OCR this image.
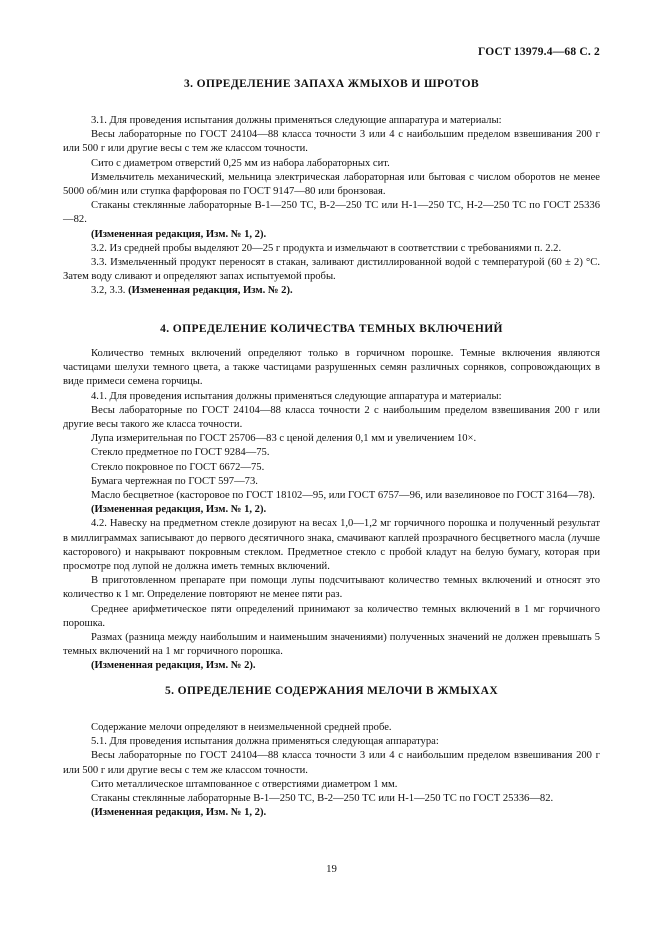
ГОСТ 13979.4—68 С. 2
3. ОПРЕДЕЛЕНИЕ ЗАПАХА ЖМЫХОВ И ШРОТОВ

3.1. Для проведения испытания должны применяться следующие аппаратура и материалы:

Весы лабораторные по ГОСТ 24104—88 класса точности 3 или 4 с наибольшим пределом взвешивания 200 г или 500 г или другие весы с тем же классом точности.

Сито с диаметром отверстий 0,25 мм из набора лабораторных сит.

Измельчитель механический, мельница электрическая лабораторная или бытовая с числом оборотов не менее 5000 об/мин или ступка фарфоровая по ГОСТ 9147—80 или бронзовая.

Стаканы стеклянные лабораторные В-1—250 ТС, В-2—250 ТС или Н-1—250 ТС, Н-2—250 ТС по ГОСТ 25336—82.

(Измененная редакция, Изм. № 1, 2).

3.2. Из средней пробы выделяют 20—25 г продукта и измельчают в соответствии с требованиями п. 2.2.

3.3. Измельченный продукт переносят в стакан, заливают дистиллированной водой с температурой (60 ± 2) °С. Затем воду сливают и определяют запах испытуемой пробы.

3.2, 3.3. (Измененная редакция, Изм. № 2).

4. ОПРЕДЕЛЕНИЕ КОЛИЧЕСТВА ТЕМНЫХ ВКЛЮЧЕНИЙ

Количество темных включений определяют только в горчичном порошке. Темные включения являются частицами шелухи темного цвета, а также частицами разрушенных семян различных сорняков, сопровождающих в виде примеси семена горчицы.

4.1. Для проведения испытания должны применяться следующие аппаратура и материалы:

Весы лабораторные по ГОСТ 24104—88 класса точности 2 с наибольшим пределом взвешивания 200 г или другие весы такого же класса точности.

Лупа измерительная по ГОСТ 25706—83 с ценой деления 0,1 мм и увеличением 10×.

Стекло предметное по ГОСТ 9284—75.

Стекло покровное по ГОСТ 6672—75.

Бумага чертежная по ГОСТ 597—73.

Масло бесцветное (касторовое по ГОСТ 18102—95, или ГОСТ 6757—96, или вазелиновое по ГОСТ 3164—78).

(Измененная редакция, Изм. № 1, 2).

4.2. Навеску на предметном стекле дозируют на весах 1,0—1,2 мг горчичного порошка и полученный результат в миллиграммах записывают до первого десятичного знака, смачивают каплей прозрачного бесцветного масла (лучше касторового) и накрывают покровным стеклом. Предметное стекло с пробой кладут на белую бумагу, которая при просмотре под лупой не должна иметь темных включений.

В приготовленном препарате при помощи лупы подсчитывают количество темных включений и относят это количество к 1 мг. Определение повторяют не менее пяти раз.

Среднее арифметическое пяти определений принимают за количество темных включений в 1 мг горчичного порошка.

Размах (разница между наибольшим и наименьшим значениями) полученных значений не должен превышать 5 темных включений на 1 мг горчичного порошка.

(Измененная редакция, Изм. № 2).

5. ОПРЕДЕЛЕНИЕ СОДЕРЖАНИЯ МЕЛОЧИ В ЖМЫХАХ

Содержание мелочи определяют в неизмельченной средней пробе.

5.1. Для проведения испытания должна применяться следующая аппаратура:

Весы лабораторные по ГОСТ 24104—88 класса точности 3 или 4 с наибольшим пределом взвешивания 200 г или 500 г или другие весы с тем же классом точности.

Сито металлическое штампованное с отверстиями диаметром 1 мм.

Стаканы стеклянные лабораторные В-1—250 ТС, В-2—250 ТС или Н-1—250 ТС по ГОСТ 25336—82.

(Измененная редакция, Изм. № 1, 2).

19
